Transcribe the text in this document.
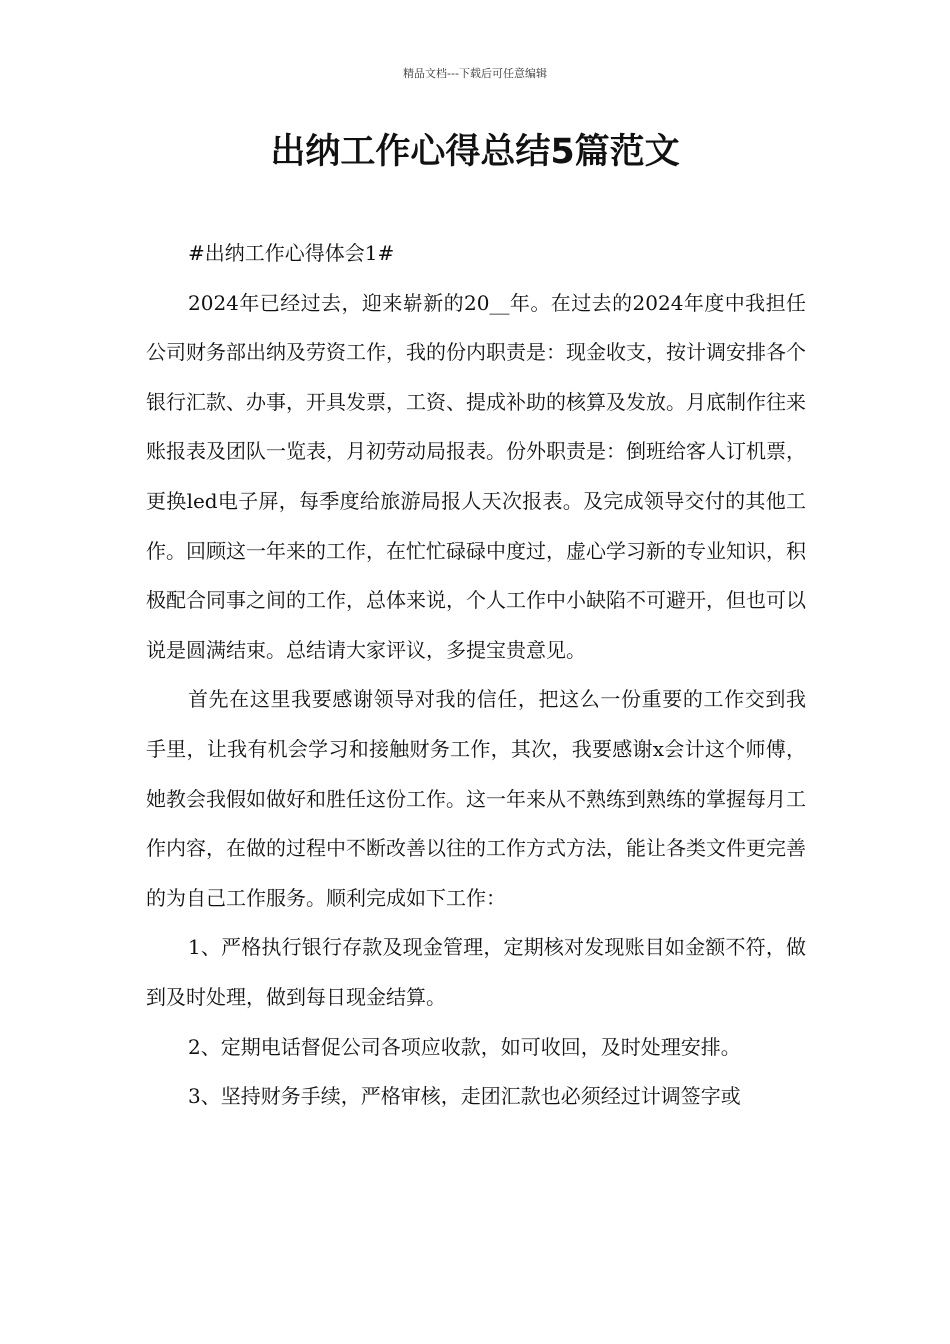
精品文档---下载后可任意编辑
出纳工作心得总结5篇范文

#出纳工作心得体会1#

2024年已经过去，迎来崭新的20__年。在过去的2024年度中我担任公司财务部出纳及劳资工作，我的份内职责是：现金收支，按计调安排各个银行汇款、办事，开具发票，工资、提成补助的核算及发放。月底制作往来账报表及团队一览表，月初劳动局报表。份外职责是：倒班给客人订机票，更换led电子屏，每季度给旅游局报人天次报表。及完成领导交付的其他工作。回顾这一年来的工作，在忙忙碌碌中度过，虚心学习新的专业知识，积极配合同事之间的工作，总体来说，个人工作中小缺陷不可避开，但也可以说是圆满结束。总结请大家评议，多提宝贵意见。

首先在这里我要感谢领导对我的信任，把这么一份重要的工作交到我手里，让我有机会学习和接触财务工作，其次，我要感谢x会计这个师傅，她教会我假如做好和胜任这份工作。这一年来从不熟练到熟练的掌握每月工作内容，在做的过程中不断改善以往的工作方式方法，能让各类文件更完善的为自己工作服务。顺利完成如下工作：

1、严格执行银行存款及现金管理，定期核对发现账目如金额不符，做到及时处理，做到每日现金结算。

2、定期电话督促公司各项应收款，如可收回，及时处理安排。

3、坚持财务手续，严格审核，走团汇款也必须经过计调签字或
